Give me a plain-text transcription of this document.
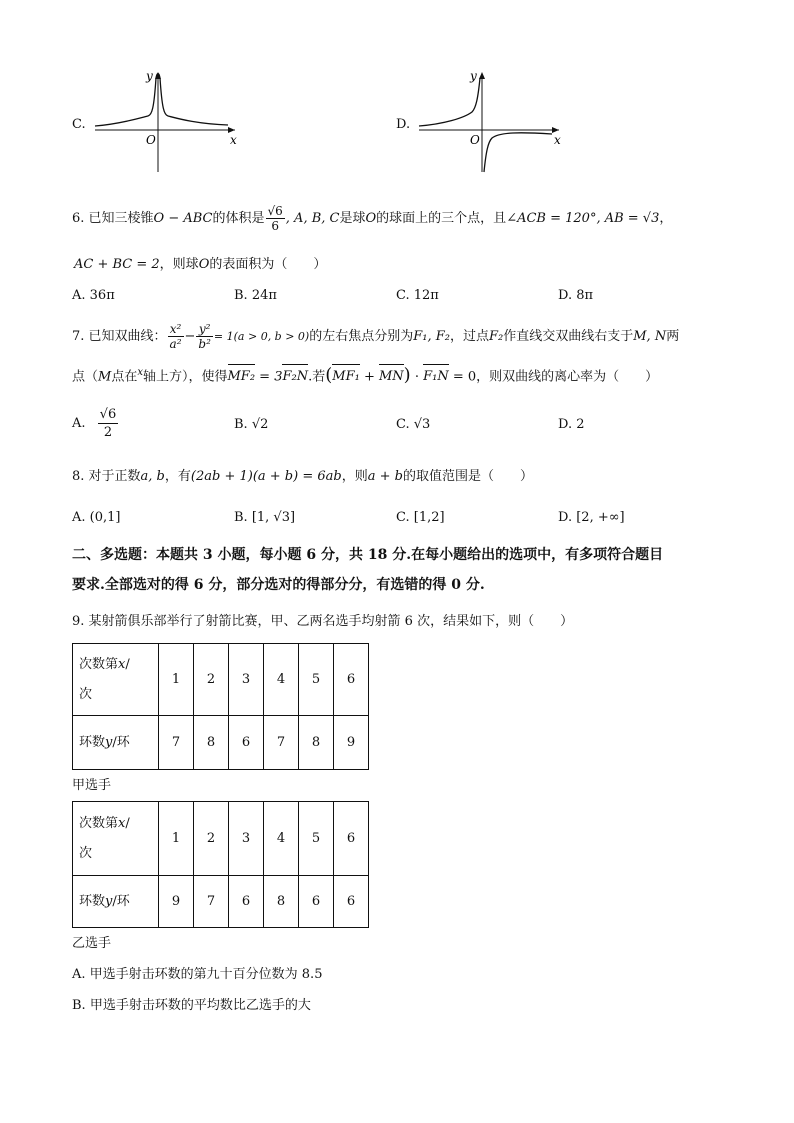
C.
y
x
O
D.
y
x
O
6. 已知三棱锥O − ABC的体积是 $\frac{√6}{6}$ , A, B, C是球O的球面上的三个点，且∠ACB = 120°, AB = √3，
AC + BC = 2，则球O的表面积为（　　）
A. 36π	B. 24π	C. 12π	D. 8π
7. 已知双曲线： $\frac{\text{x²}}{\text{a²}} - \frac{\text{y²}}{\text{b²}} = 1(a > 0$, b > 0)的左右焦点分别为F₁, F₂，过点F₂作直线交双曲线右支于M, N两
点（M点在$^x$轴上方），使得MF₂ = 3F₂N.若(MF₁ + MN) · F₁N = 0，则双曲线的离心率为（　　）
A. $\frac{√6}{2}$	B. √2	C. √3	D. 2
8. 对于正数a, b，有(2ab + 1)(a + b) = 6ab，则a + b的取值范围是（　　）
A. (0,1]	B. [1, √3]	C. [1,2]	D. [2, +∞]
二、多选题：本题共 3 小题，每小题 6 分，共 18 分.在每小题给出的选项中，有多项符合题目
要求.全部选对的得 6 分，部分选对的得部分分，有选错的得 0 分.
9. 某射箭俱乐部举行了射箭比赛，甲、乙两名选手均射箭 6 次，结果如下，则（　　）
次数第x/
次	1	2	3	4	5	6
环数y/环	7	8	6	7	8	9
甲选手
次数第x/
次	1	2	3	4	5	6
环数y/环	9	7	6	8	6	6
乙选手
A. 甲选手射击环数的第九十百分位数为 8.5
B. 甲选手射击环数的平均数比乙选手的大
